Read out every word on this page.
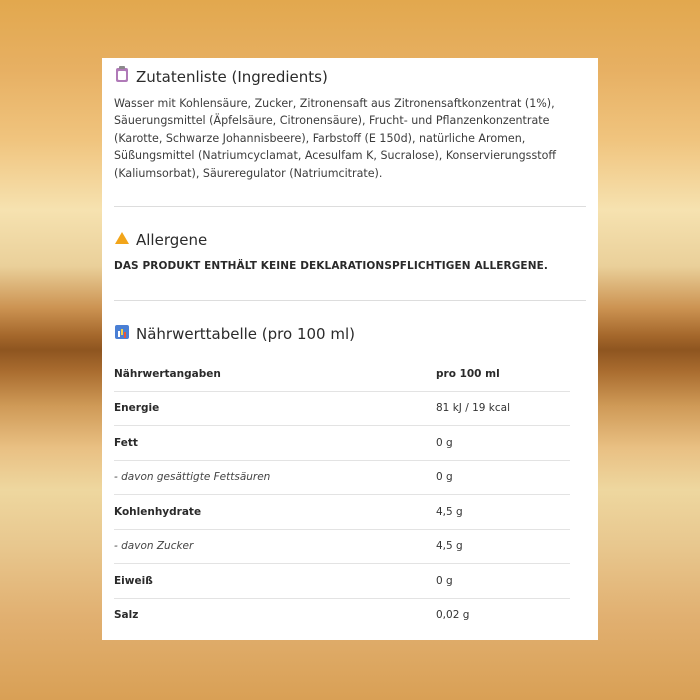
Zutatenliste (Ingredients)

Wasser mit Kohlensäure, Zucker, Zitronensaft aus Zitronensaftkonzentrat (1%), Säuerungsmittel (Äpfelsäure, Citronensäure), Frucht- und Pflanzenkonzentrate (Karotte, Schwarze Johannisbeere), Farbstoff (E 150d), natürliche Aromen, Süßungsmittel (Natriumcyclamat, Acesulfam K, Sucralose), Konservierungsstoff (Kaliumsorbat), Säureregulator (Natriumcitrate).

Allergene

DAS PRODUKT ENTHÄLT KEINE DEKLARATIONSPFLICHTIGEN ALLERGENE.

Nährwerttabelle (pro 100 ml)
Nährwertangaben	pro 100 ml
Energie	81 kJ / 19 kcal
Fett	0 g
- davon gesättigte Fettsäuren	0 g
Kohlenhydrate	4,5 g
- davon Zucker	4,5 g
Eiweiß	0 g
Salz	0,02 g
